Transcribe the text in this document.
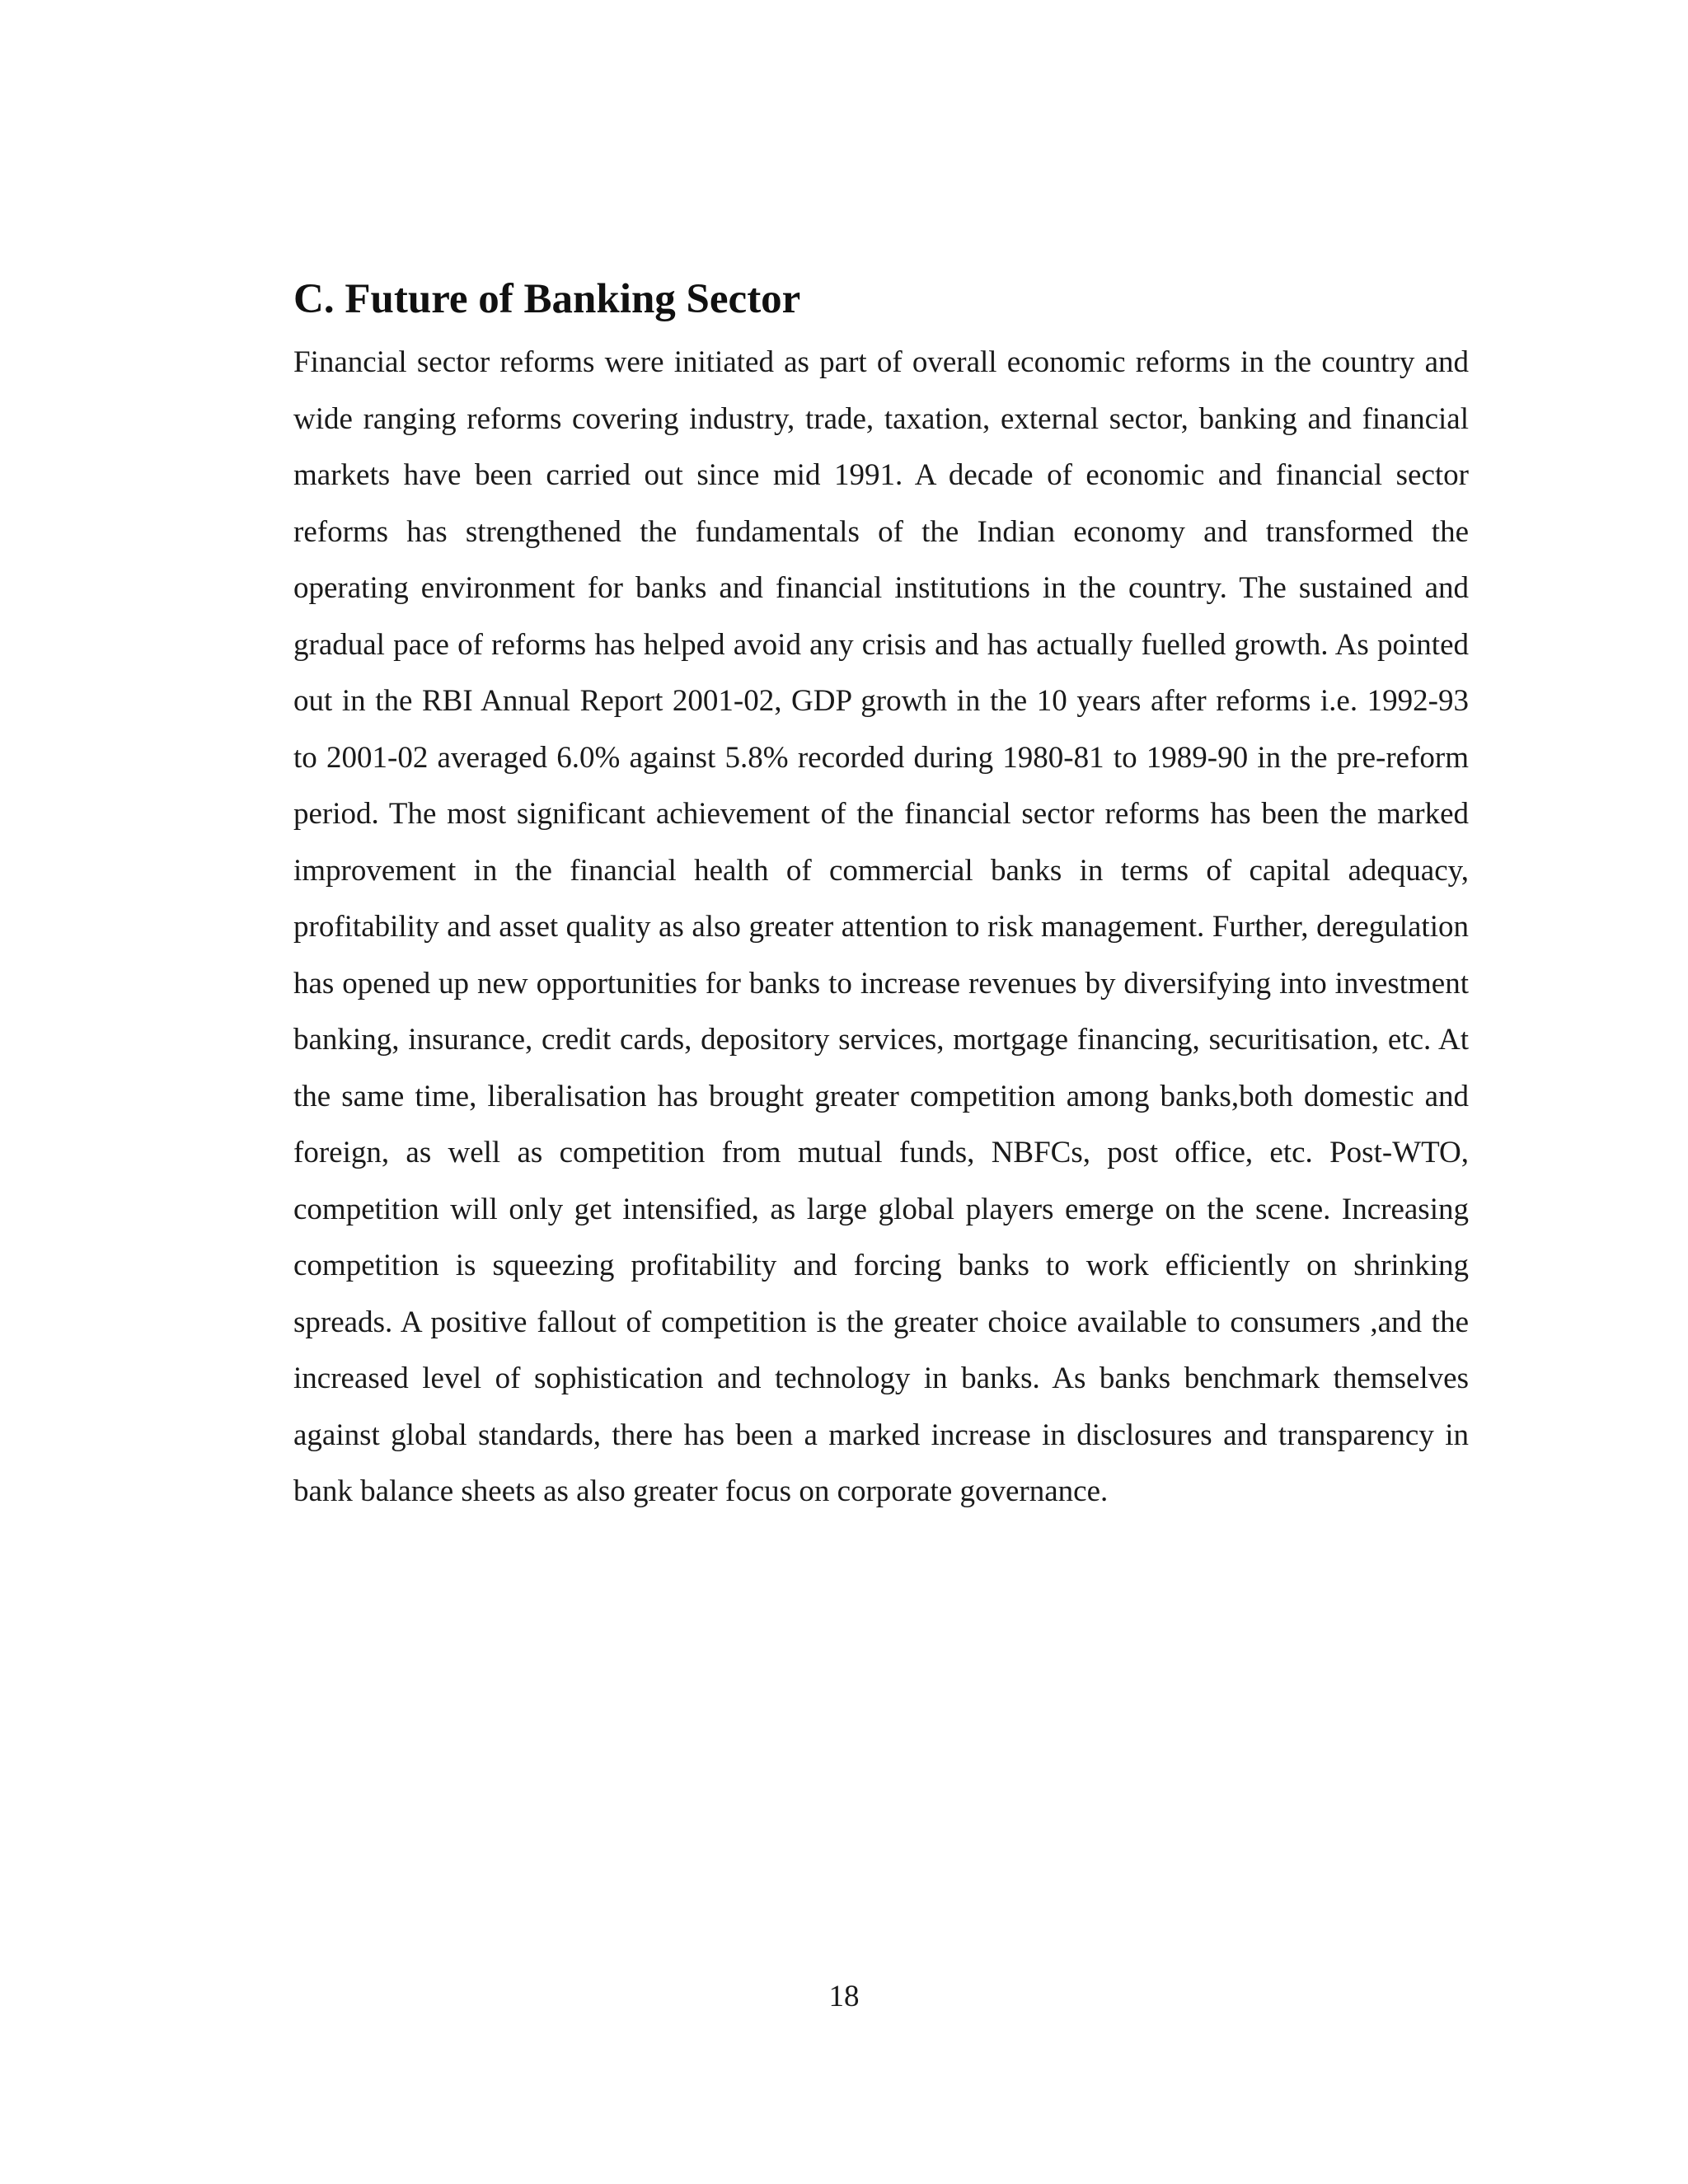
C. Future of Banking Sector

Financial sector reforms were initiated as part of overall economic reforms in the country and wide ranging reforms covering industry, trade, taxation, external sector, banking and financial markets have been carried out since mid 1991. A decade of economic and financial sector reforms has strengthened the fundamentals of the Indian economy and transformed the operating environment for banks and financial institutions in the country. The sustained and gradual pace of reforms has helped avoid any crisis and has actually fuelled growth. As pointed out in the RBI Annual Report 2001-02, GDP growth in the 10 years after reforms i.e. 1992-93 to 2001-02 averaged 6.0% against 5.8% recorded during 1980-81 to 1989-90 in the pre-reform period. The most significant achievement of the financial sector reforms has been the marked improvement in the financial health of commercial banks in terms of capital adequacy, profitability and asset quality as also greater attention to risk management. Further, deregulation has opened up new opportunities for banks to increase revenues by diversifying into investment banking, insurance, credit cards, depository services, mortgage financing, securitisation, etc. At the same time, liberalisation has brought greater competition among banks,both domestic and foreign, as well as competition from mutual funds, NBFCs, post office, etc. Post-WTO, competition will only get intensified, as large global players emerge on the scene. Increasing competition is squeezing profitability and forcing banks to work efficiently on shrinking spreads. A positive fallout of competition is the greater choice available to consumers ,and the increased level of sophistication and technology in banks. As banks benchmark themselves against global standards, there has been a marked increase in disclosures and transparency in bank balance sheets as also greater focus on corporate governance.

18
